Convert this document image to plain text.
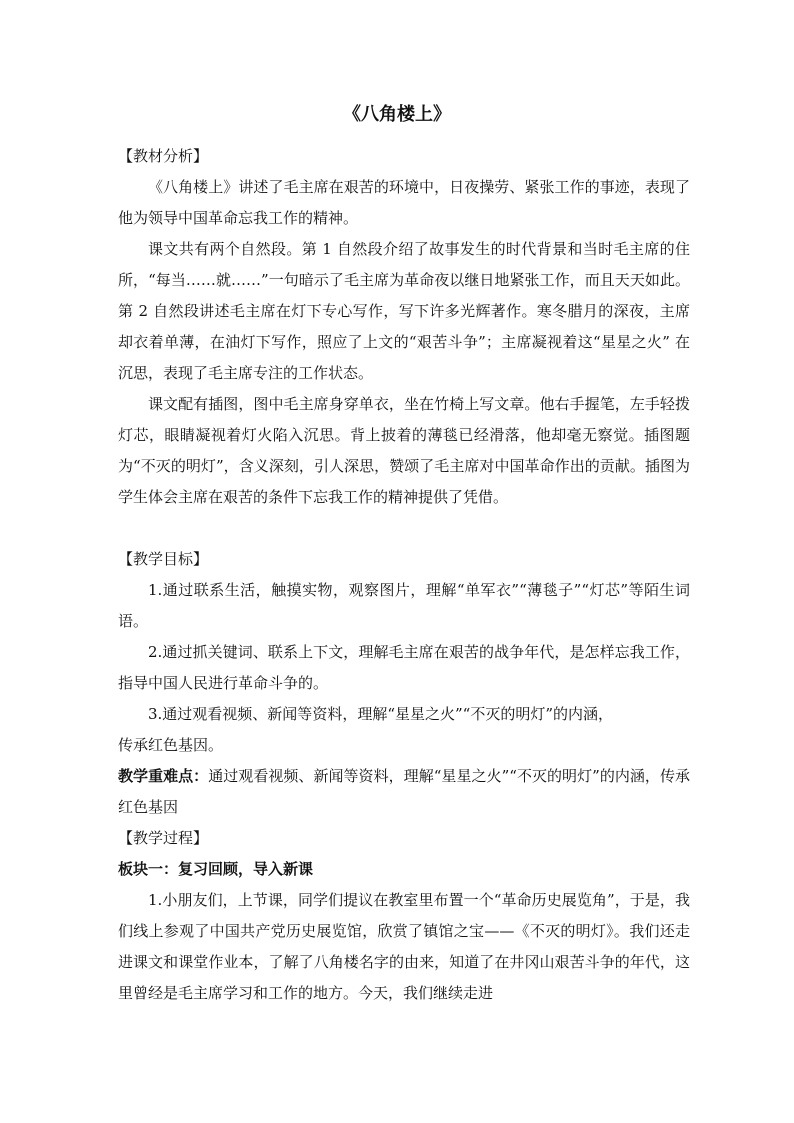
《八角楼上》

【教材分析】

《八角楼上》讲述了毛主席在艰苦的环境中，日夜操劳、紧张工作的事迹，表现了他为领导中国革命忘我工作的精神。

课文共有两个自然段。第 1 自然段介绍了故事发生的时代背景和当时毛主席的住所，“每当……就……”一句暗示了毛主席为革命夜以继日地紧张工作，而且天天如此。第 2 自然段讲述毛主席在灯下专心写作，写下许多光辉著作。寒冬腊月的深夜，主席却衣着单薄，在油灯下写作，照应了上文的“艰苦斗争”；主席凝视着这“星星之火” 在沉思，表现了毛主席专注的工作状态。

课文配有插图，图中毛主席身穿单衣，坐在竹椅上写文章。他右手握笔，左手轻拨灯芯，眼睛凝视着灯火陷入沉思。背上披着的薄毯已经滑落，他却毫无察觉。插图题为“不灭的明灯”，含义深刻，引人深思，赞颂了毛主席对中国革命作出的贡献。插图为学生体会主席在艰苦的条件下忘我工作的精神提供了凭借。

【教学目标】

1.通过联系生活，触摸实物，观察图片，理解“单军衣”“薄毯子”“灯芯”等陌生词语。

2.通过抓关键词、联系上下文，理解毛主席在艰苦的战争年代，是怎样忘我工作，指导中国人民进行革命斗争的。

3.通过观看视频、新闻等资料，理解“星星之火”“不灭的明灯”的内涵，

传承红色基因。

教学重难点：通过观看视频、新闻等资料，理解“星星之火”“不灭的明灯”的内涵，传承红色基因

【教学过程】

板块一：复习回顾，导入新课

1.小朋友们，上节课，同学们提议在教室里布置一个“革命历史展览角”，于是，我们线上参观了中国共产党历史展览馆，欣赏了镇馆之宝——《不灭的明灯》。我们还走进课文和课堂作业本，了解了八角楼名字的由来，知道了在井冈山艰苦斗争的年代，这里曾经是毛主席学习和工作的地方。今天，我们继续走进
